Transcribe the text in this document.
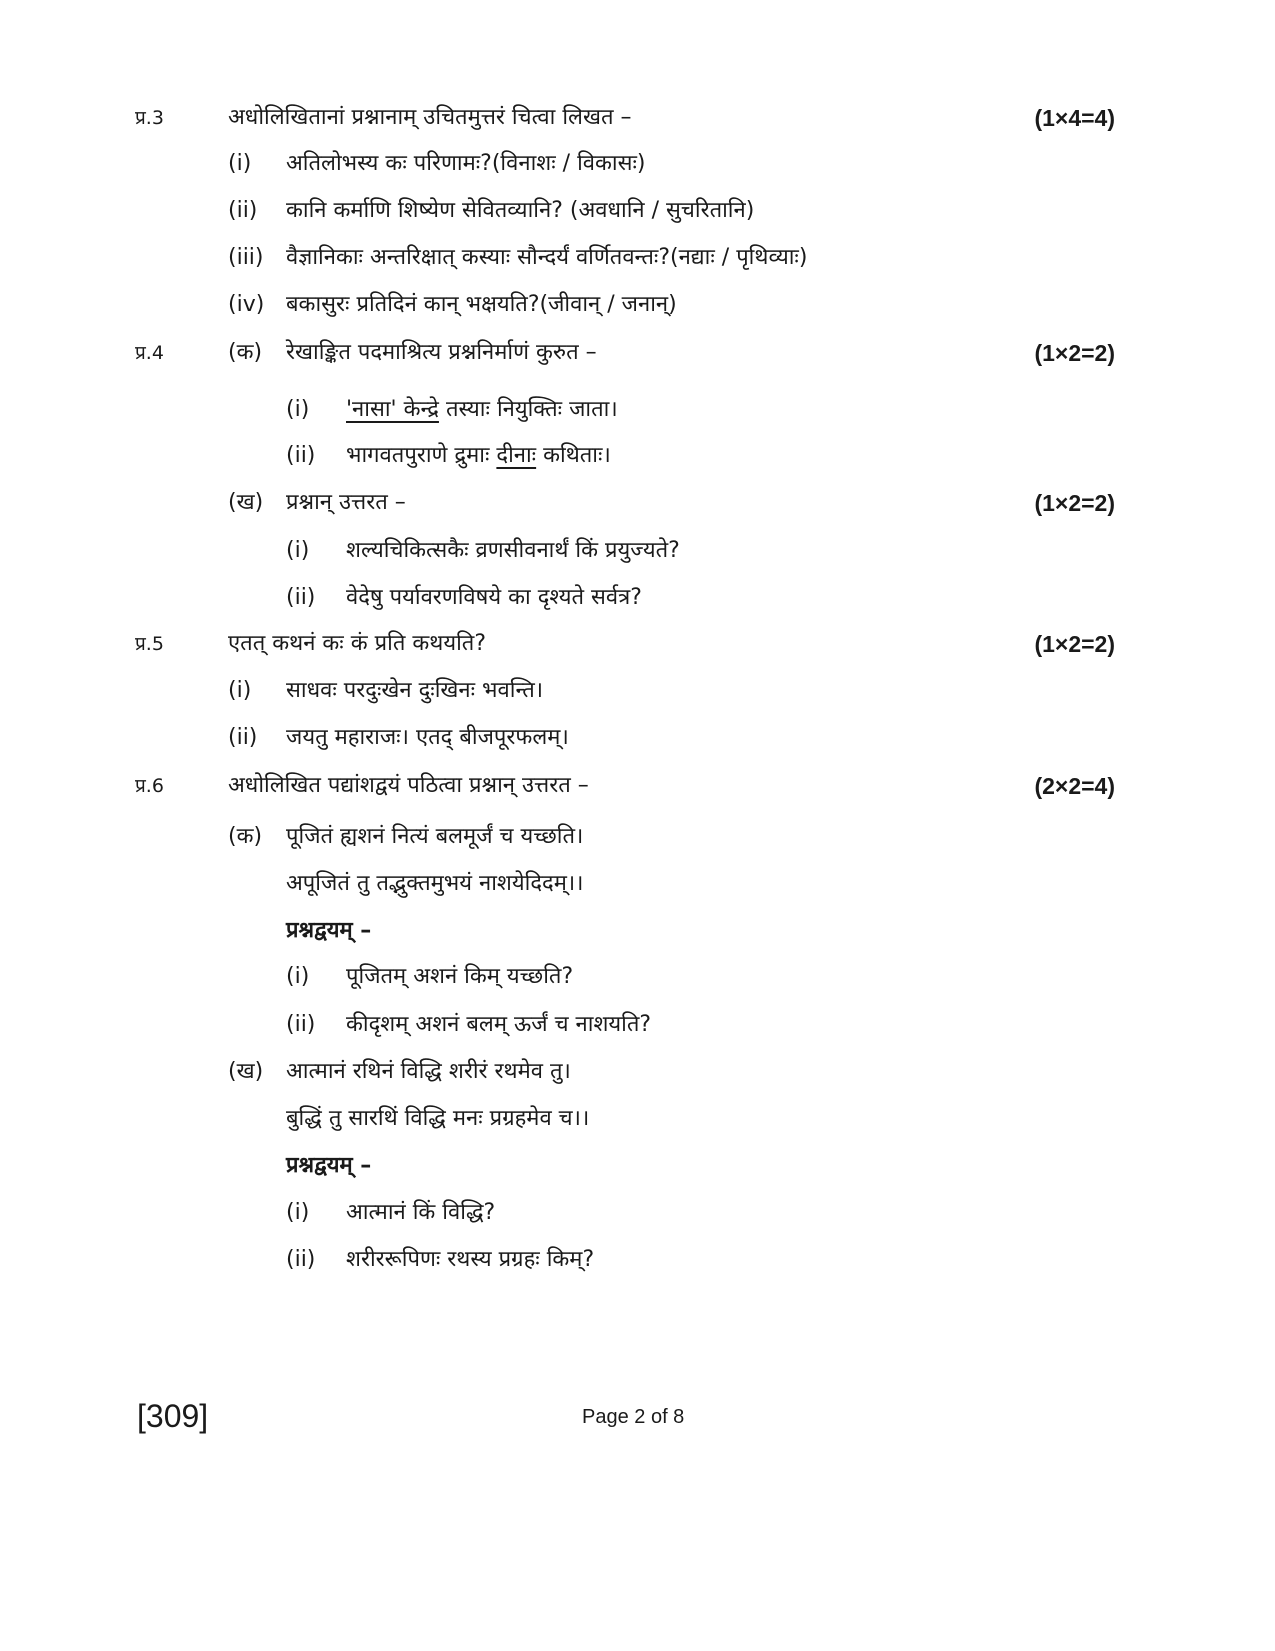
प्र.3	अधोलिखितानां प्रश्नानाम् उचितमुत्तरं चित्वा लिखत –	(1×4=4)
(i) अतिलोभस्य कः परिणामः?(विनाशः / विकासः)
(ii) कानि कर्माणि शिष्येण सेवितव्यानि? (अवधानि / सुचरितानि)
(iii) वैज्ञानिकाः अन्तरिक्षात् कस्याः सौन्दर्यं वर्णितवन्तः?(नद्याः / पृथिव्याः)
(iv) बकासुरः प्रतिदिनं कान् भक्षयति?(जीवान् / जनान्)
प्र.4	(क) रेखाङ्कित पदमाश्रित्य प्रश्ननिर्माणं कुरुत –	(1×2=2)
(i) 'नासा' केन्द्रे तस्याः नियुक्तिः जाता।
(ii) भागवतपुराणे द्रुमाः दीनाः कथिताः।
(ख) प्रश्नान् उत्तरत –	(1×2=2)
(i) शल्यचिकित्सकैः व्रणसीवनार्थं किं प्रयुज्यते?
(ii) वेदेषु पर्यावरणविषये का दृश्यते सर्वत्र?
प्र.5	एतत् कथनं कः कं प्रति कथयति?	(1×2=2)
(i) साधवः परदुःखेन दुःखिनः भवन्ति।
(ii) जयतु महाराजः। एतद् बीजपूरफलम्।
प्र.6	अधोलिखित पद्यांशद्वयं पठित्वा प्रश्नान् उत्तरत –	(2×2=4)
(क) पूजितं ह्यशनं नित्यं बलमूर्जं च यच्छति।
अपूजितं तु तद्भुक्तमुभयं नाशयेदिदम्।।
प्रश्नद्वयम् –
(i) पूजितम् अशनं किम् यच्छति?
(ii) कीदृशम् अशनं बलम् ऊर्जं च नाशयति?
(ख) आत्मानं रथिनं विद्धि शरीरं रथमेव तु।
बुद्धिं तु सारथिं विद्धि मनः प्रग्रहमेव च।।
प्रश्नद्वयम् –
(i) आत्मानं किं विद्धि?
(ii) शरीररूपिणः रथस्य प्रग्रहः किम्?
[309]	Page 2 of 8
